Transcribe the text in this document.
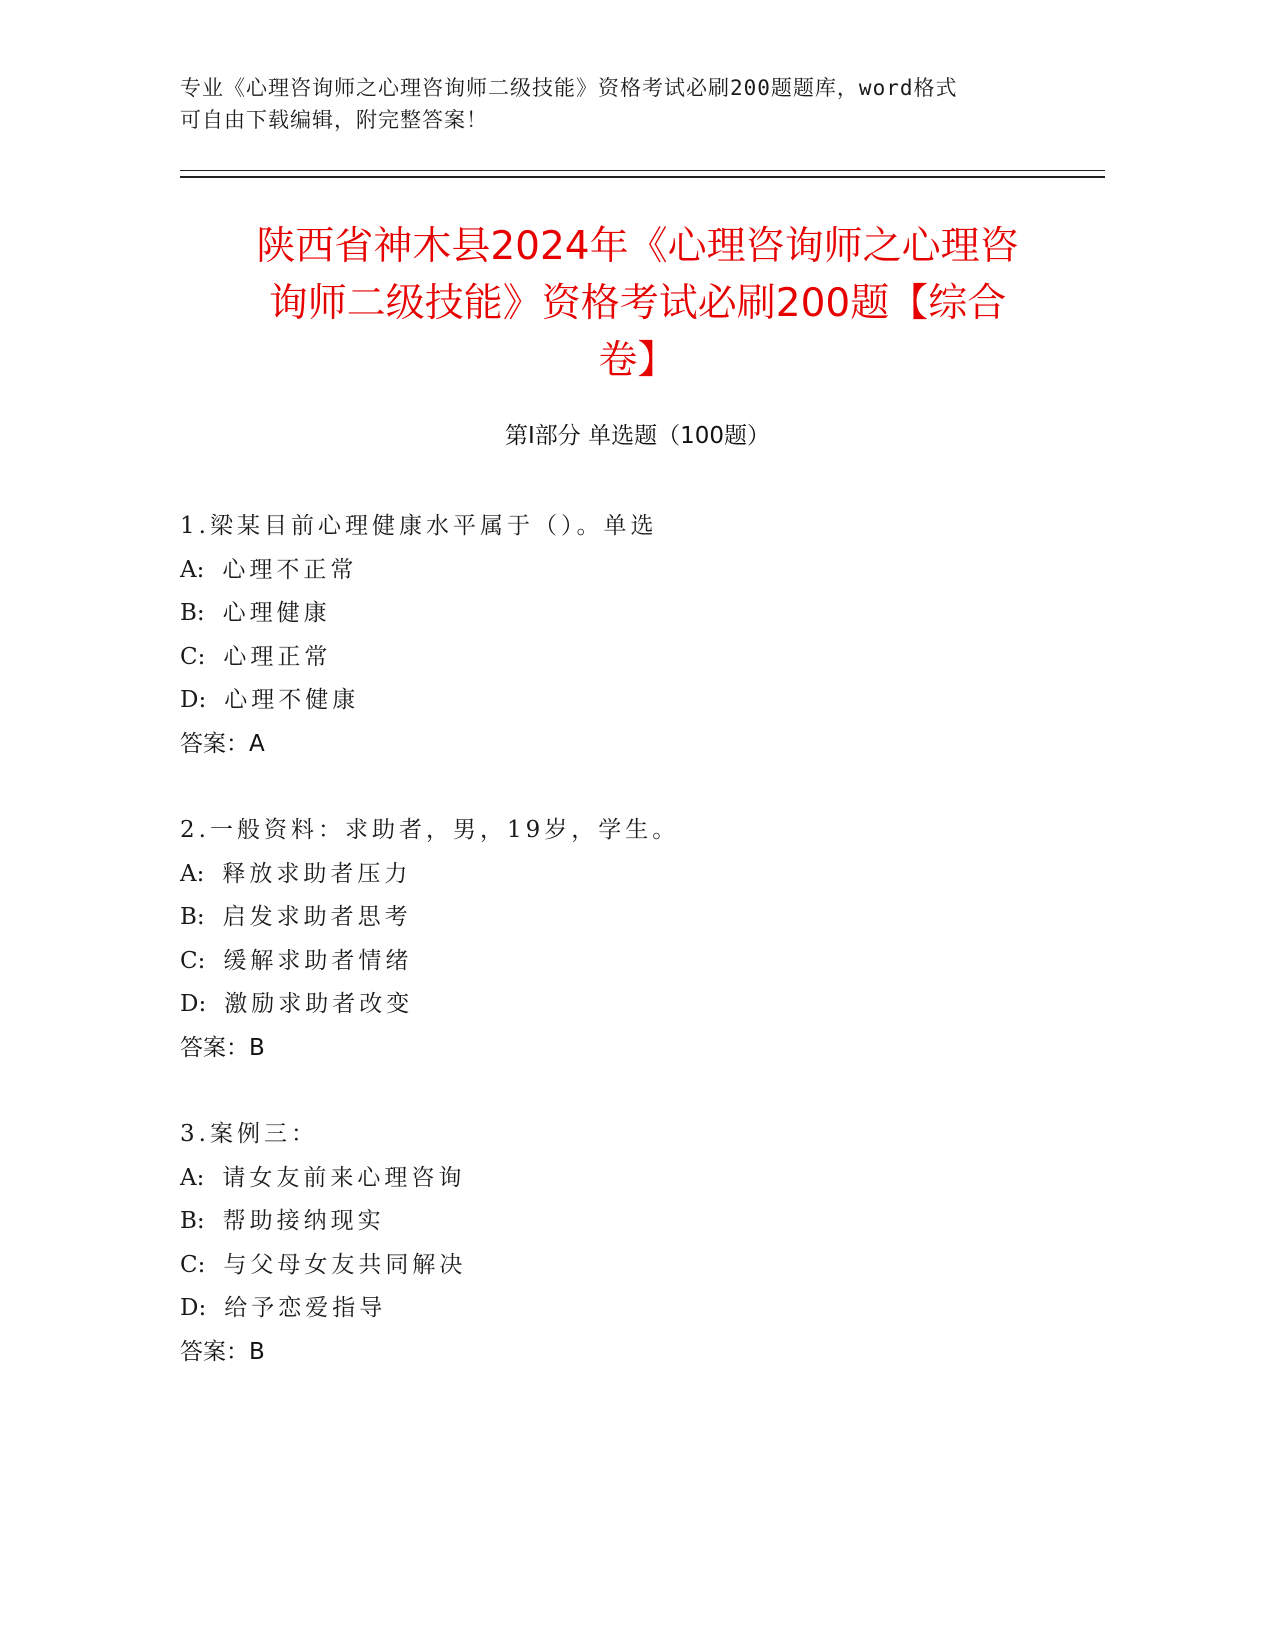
专业《心理咨询师之心理咨询师二级技能》资格考试必刷200题题库，word格式
可自由下载编辑，附完整答案！
陕西省神木县2024年《心理咨询师之心理咨
询师二级技能》资格考试必刷200题【综合
卷】
第Ⅰ部分 单选题（100题）
1.梁某目前心理健康水平属于（）。单选
A: 心理不正常
B: 心理健康
C: 心理正常
D: 心理不健康
答案：A
2.一般资料：求助者，男，19岁，学生。
A: 释放求助者压力
B: 启发求助者思考
C: 缓解求助者情绪
D: 激励求助者改变
答案：B
3.案例三：
A: 请女友前来心理咨询
B: 帮助接纳现实
C: 与父母女友共同解决
D: 给予恋爱指导
答案：B
